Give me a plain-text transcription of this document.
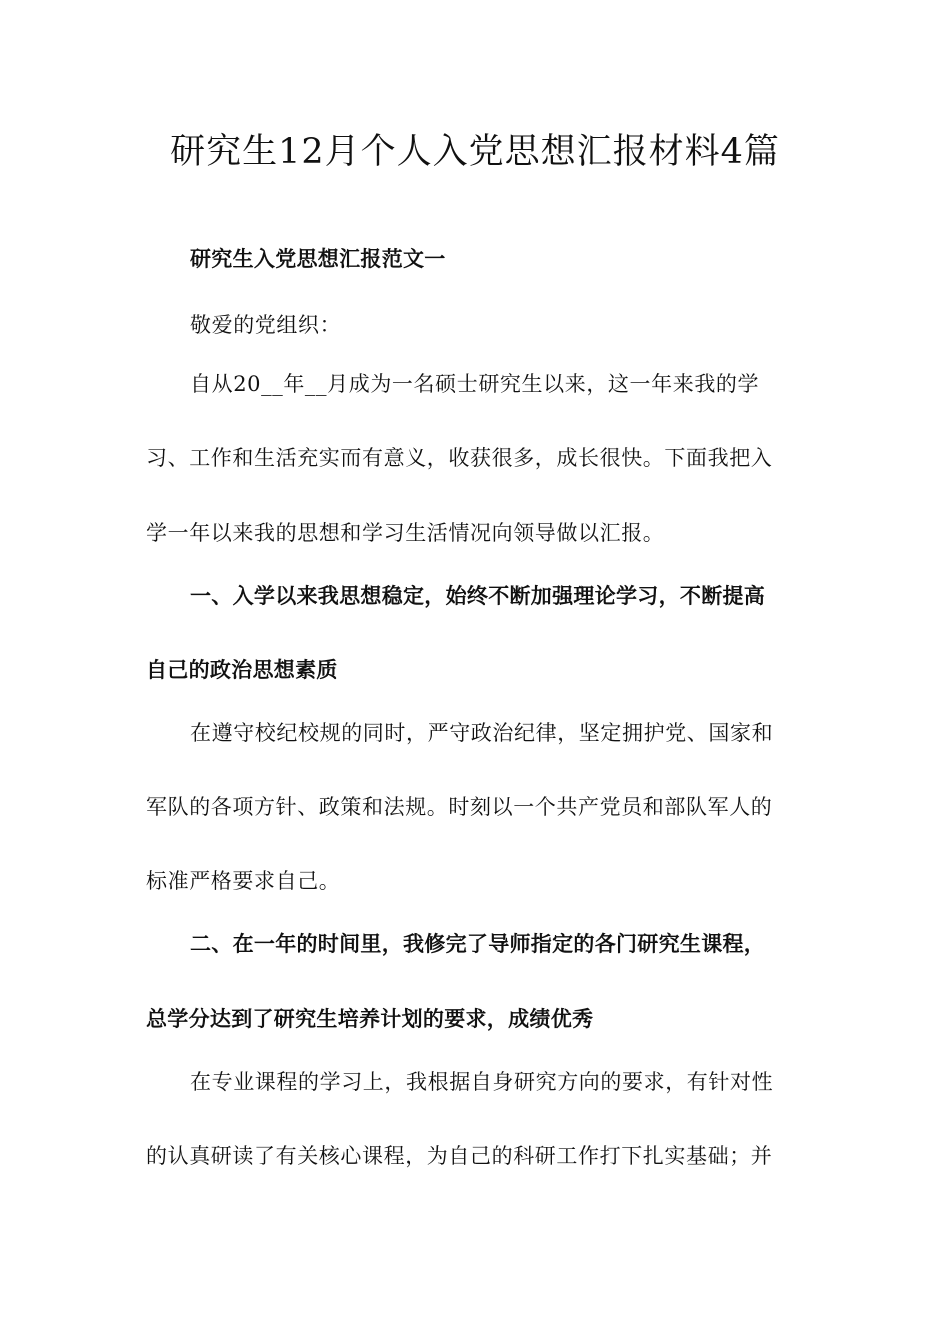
研究生12月个人入党思想汇报材料4篇

研究生入党思想汇报范文一

敬爱的党组织：

自从20__年__月成为一名硕士研究生以来，这一年来我的学

习、工作和生活充实而有意义，收获很多，成长很快。下面我把入

学一年以来我的思想和学习生活情况向领导做以汇报。

一、入学以来我思想稳定，始终不断加强理论学习，不断提高

自己的政治思想素质

在遵守校纪校规的同时，严守政治纪律，坚定拥护党、国家和

军队的各项方针、政策和法规。时刻以一个共产党员和部队军人的

标准严格要求自己。

二、在一年的时间里，我修完了导师指定的各门研究生课程，

总学分达到了研究生培养计划的要求，成绩优秀

在专业课程的学习上，我根据自身研究方向的要求，有针对性

的认真研读了有关核心课程，为自己的科研工作打下扎实基础；并
